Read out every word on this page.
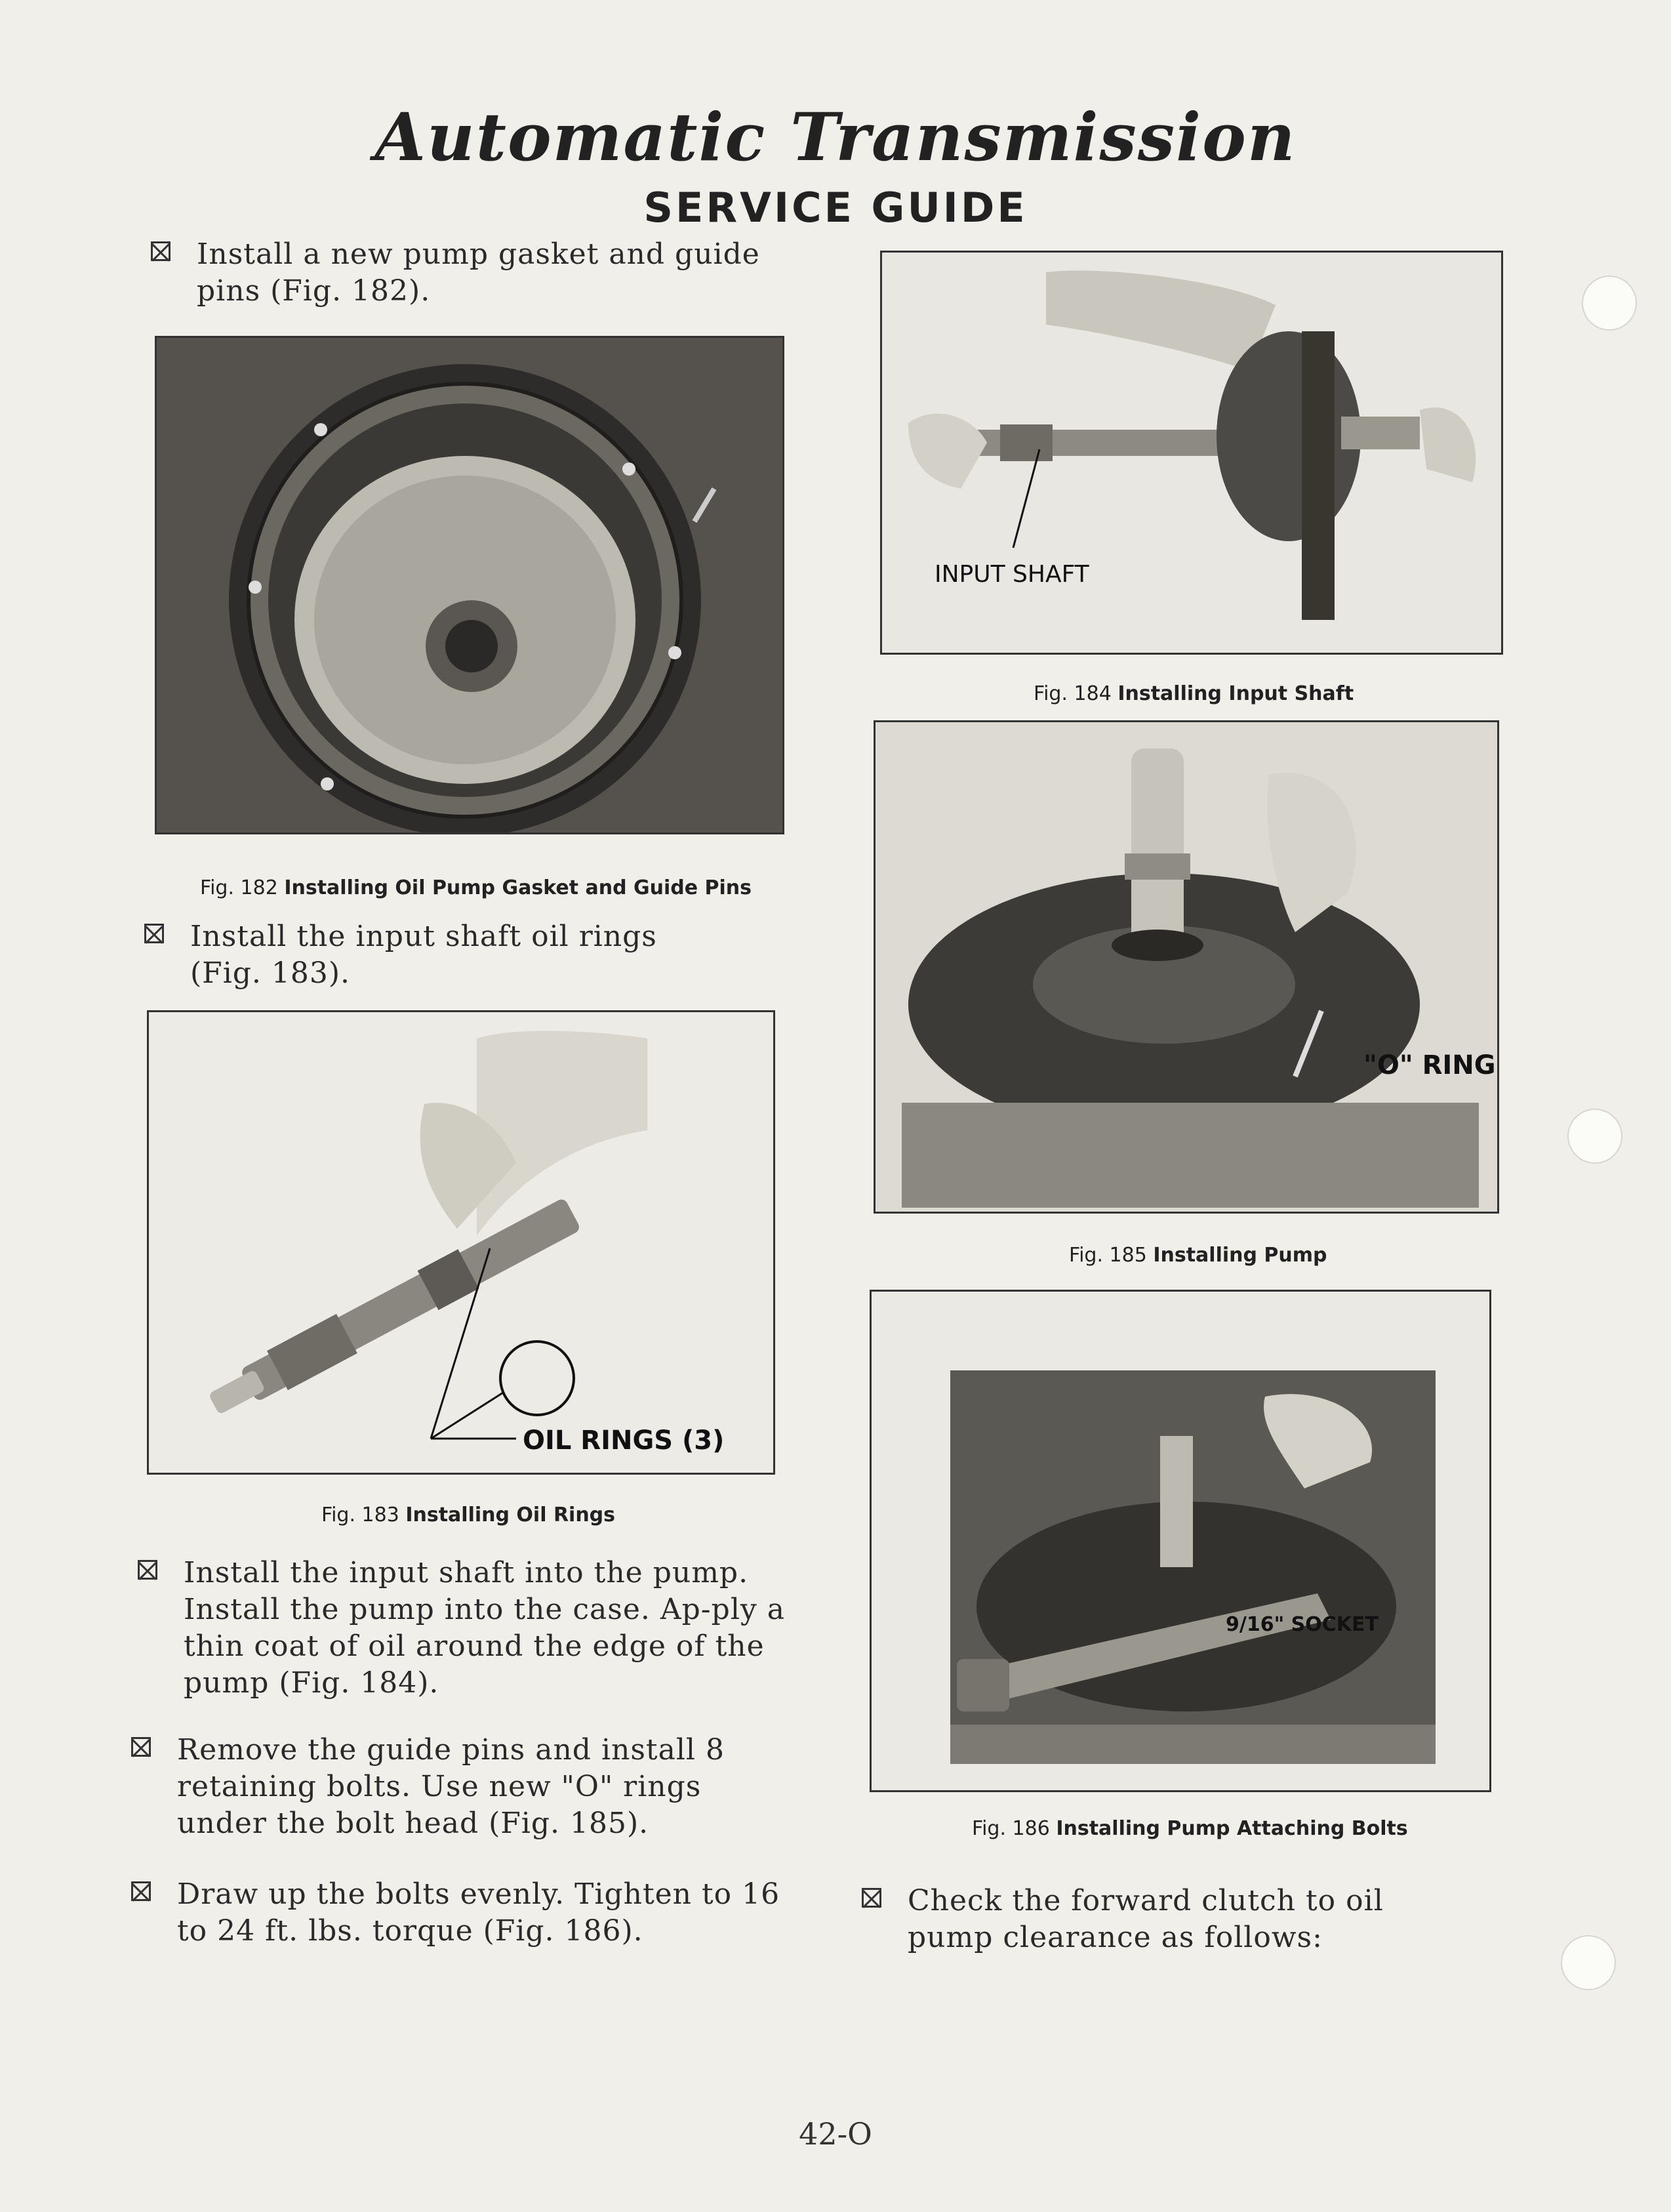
Automatic Transmission
SERVICE GUIDE
Install a new pump gasket and guide pins (Fig. 182).
Fig. 182 Installing Oil Pump Gasket and Guide Pins
Install the input shaft oil rings (Fig. 183).
OIL RINGS (3)
Fig. 183 Installing Oil Rings
Install the input shaft into the pump. Install the pump into the case. Ap-ply a thin coat of oil around the edge of the pump (Fig. 184).
Remove the guide pins and install 8 retaining bolts. Use new "O" rings under the bolt head (Fig. 185).
Draw up the bolts evenly. Tighten to 16 to 24 ft. lbs. torque (Fig. 186).
INPUT SHAFT
Fig. 184 Installing Input Shaft
"O" RING
Fig. 185 Installing Pump
9/16" SOCKET
Fig. 186 Installing Pump Attaching Bolts
Check the forward clutch to oil pump clearance as follows:
42-O
